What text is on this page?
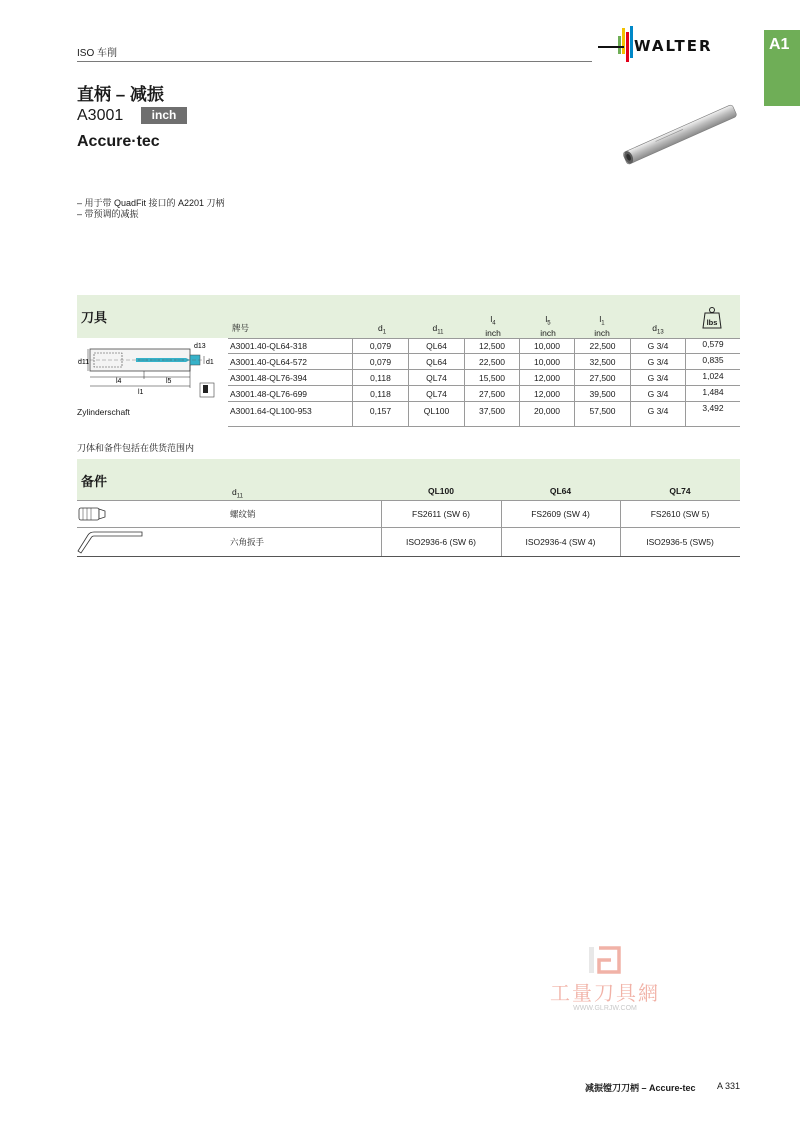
ISO 车削	WALTER	A1
直柄 – 减振
A3001	inch
Accure·tec
– 用于带 QuadFit 接口的 A2201 刀柄
– 带预调的减振
刀具
牌号	$d_1$	$d_{11}$
$l_4$
inch
$l_5$
inch
$l_1$
inch	$d_{13}$
lbs
d11
d13
d1
l4	l5
l1
Zylinderschaft
A3001.40-QL64-318	0,079	QL64	12,500	10,000	22,500	G 3/4	0,579
A3001.40-QL64-572	0,079	QL64	22,500	10,000	32,500	G 3/4	0,835
A3001.48-QL76-394	0,118	QL74	15,500	12,000	27,500	G 3/4	1,024
A3001.48-QL76-699	0,118	QL74	27,500	12,000	39,500	G 3/4	1,484
A3001.64-QL100-953	0,157	QL100	37,500	20,000	57,500	G 3/4	3,492
刀体和备件包括在供货范围内
备件
$d_{11}$
QL100	QL64	QL74
螺纹销	FS2611 (SW 6)	FS2609 (SW 4)	FS2610 (SW 5)
六角扳手	ISO2936-6 (SW 6)	ISO2936-4 (SW 4)	ISO2936-5 (SW5)
工量刀具網
WWW.GLRJW.COM
减振镗刀刀柄 – Accure-tec A 331
